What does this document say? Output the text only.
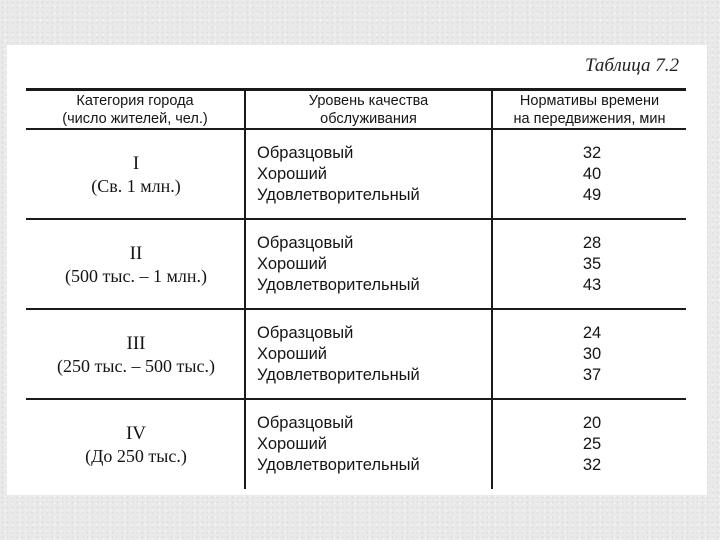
Таблица 7.2
Категория города
(число жителей, чел.)
Уровень качества
обслуживания
Нормативы времени
на передвижения, мин
I
(Св. 1 млн.)
Образцовый
Хороший
Удовлетворительный
32
40
49
II
(500 тыс. – 1 млн.)
Образцовый
Хороший
Удовлетворительный
28
35
43
III
(250 тыс. – 500 тыс.)
Образцовый
Хороший
Удовлетворительный
24
30
37
IV
(До 250 тыс.)
Образцовый
Хороший
Удовлетворительный
20
25
32
